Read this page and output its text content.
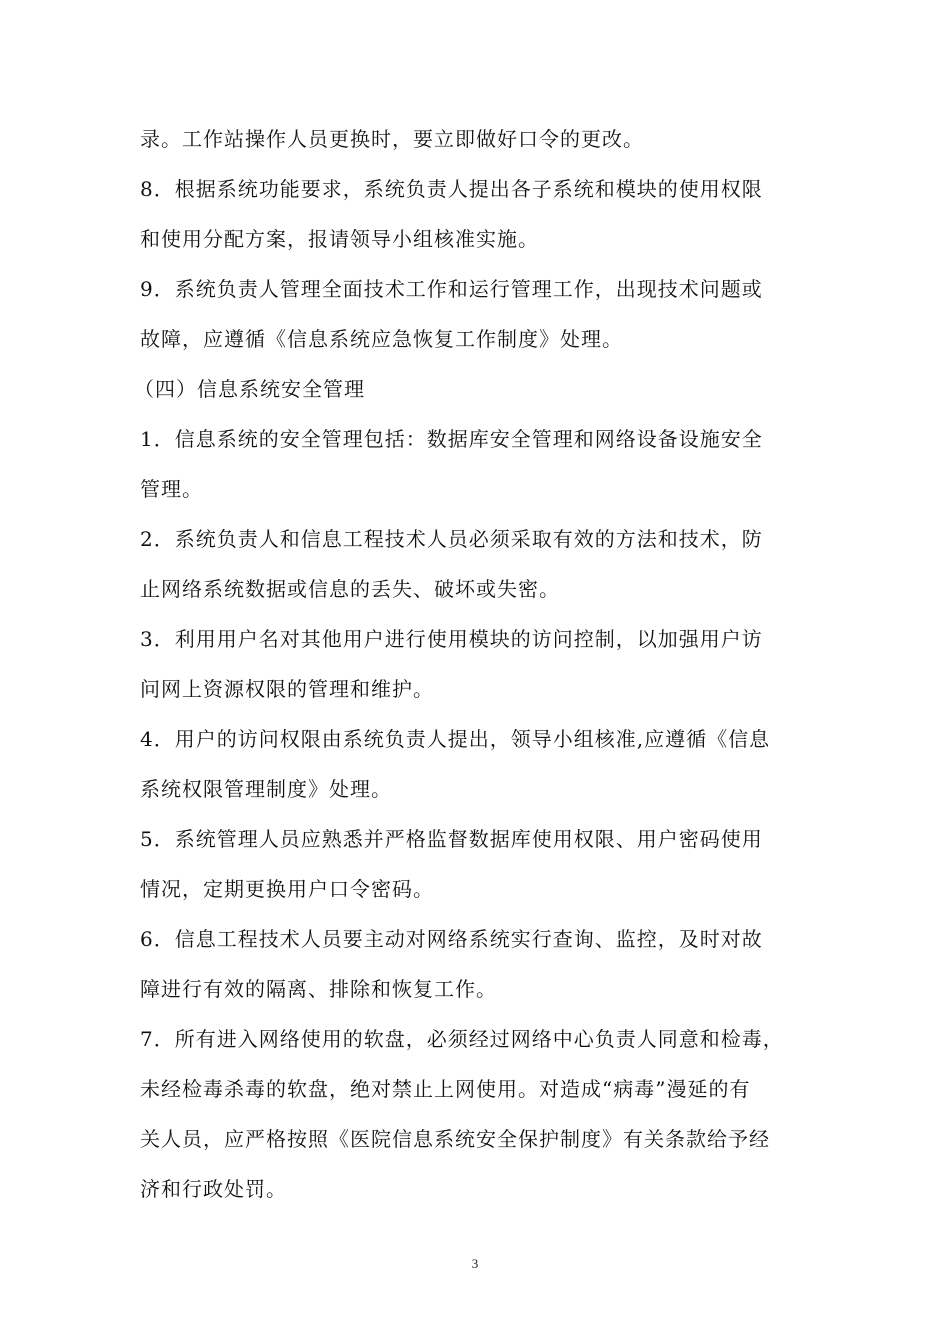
录。工作站操作人员更换时，要立即做好口令的更改。
8．根据系统功能要求，系统负责人提出各子系统和模块的使用权限
和使用分配方案，报请领导小组核准实施。
9．系统负责人管理全面技术工作和运行管理工作，出现技术问题或
故障，应遵循《信息系统应急恢复工作制度》处理。
（四）信息系统安全管理
1．信息系统的安全管理包括：数据库安全管理和网络设备设施安全
管理。
2．系统负责人和信息工程技术人员必须采取有效的方法和技术，防
止网络系统数据或信息的丢失、破坏或失密。
3．利用用户名对其他用户进行使用模块的访问控制，以加强用户访
问网上资源权限的管理和维护。
4．用户的访问权限由系统负责人提出，领导小组核准,应遵循《信息
系统权限管理制度》处理。
5．系统管理人员应熟悉并严格监督数据库使用权限、用户密码使用
情况，定期更换用户口令密码。
6．信息工程技术人员要主动对网络系统实行查询、监控，及时对故
障进行有效的隔离、排除和恢复工作。
7．所有进入网络使用的软盘，必须经过网络中心负责人同意和检毒，
未经检毒杀毒的软盘，绝对禁止上网使用。对造成“病毒”漫延的有
关人员，应严格按照《医院信息系统安全保护制度》有关条款给予经
济和行政处罚。
3
